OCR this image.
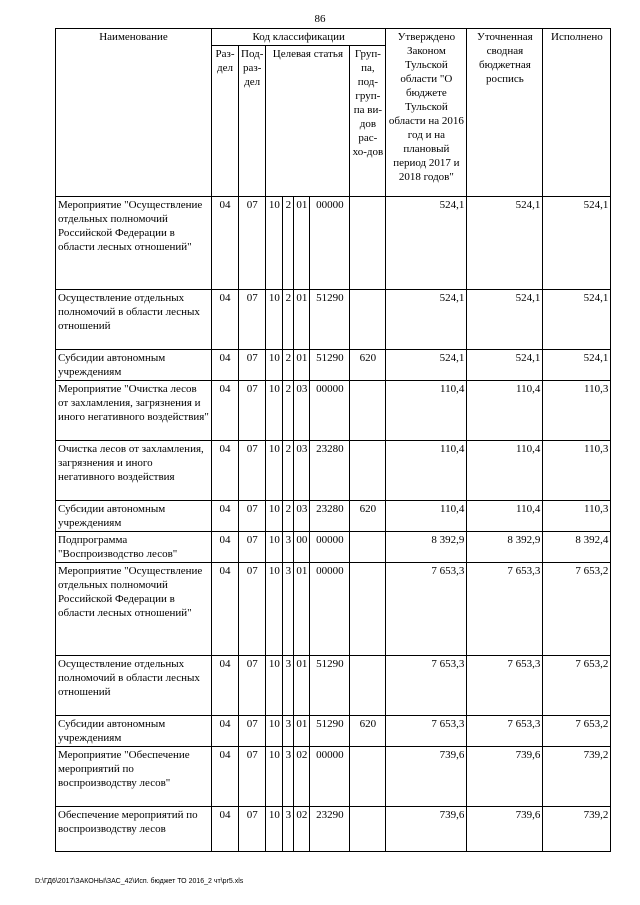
86
Наименование	Код классификации							Утверждено Законом Тульской области "О бюджете Тульской области на 2016 год и на плановый период 2017 и 2018 годов"	Уточненная сводная бюджетная роспись	Исполнено
	Раз-дел	Под-раз-дел	Целевая статья				Груп-па, под-груп-па ви-дов рас-хо-дов			
Мероприятие "Осуществление отдельных полномочий Российской Федерации в области лесных отношений"	04	07	10	2	01	00000		524,1	524,1	524,1
Осуществление отдельных полномочий в области лесных отношений	04	07	10	2	01	51290		524,1	524,1	524,1
Субсидии автономным учреждениям	04	07	10	2	01	51290	620	524,1	524,1	524,1
Мероприятие "Очистка лесов от захламления, загрязнения и иного негативного воздействия"	04	07	10	2	03	00000		110,4	110,4	110,3
Очистка лесов от захламления, загрязнения и иного негативного воздействия	04	07	10	2	03	23280		110,4	110,4	110,3
Субсидии автономным учреждениям	04	07	10	2	03	23280	620	110,4	110,4	110,3
Подпрограмма "Воспроизводство лесов"	04	07	10	3	00	00000		8 392,9	8 392,9	8 392,4
Мероприятие "Осуществление отдельных полномочий Российской Федерации в области лесных отношений"	04	07	10	3	01	00000		7 653,3	7 653,3	7 653,2
Осуществление отдельных полномочий в области лесных отношений	04	07	10	3	01	51290		7 653,3	7 653,3	7 653,2
Субсидии автономным учреждениям	04	07	10	3	01	51290	620	7 653,3	7 653,3	7 653,2
Мероприятие "Обеспечение мероприятий по воспроизводству лесов"	04	07	10	3	02	00000		739,6	739,6	739,2
Обеспечение мероприятий по воспроизводству лесов	04	07	10	3	02	23290		739,6	739,6	739,2
D:\ГД6\2017\ЗАКОНЫ\ЗАС_42\Исп. бюджет ТО 2016_2 чт\pr5.xls
